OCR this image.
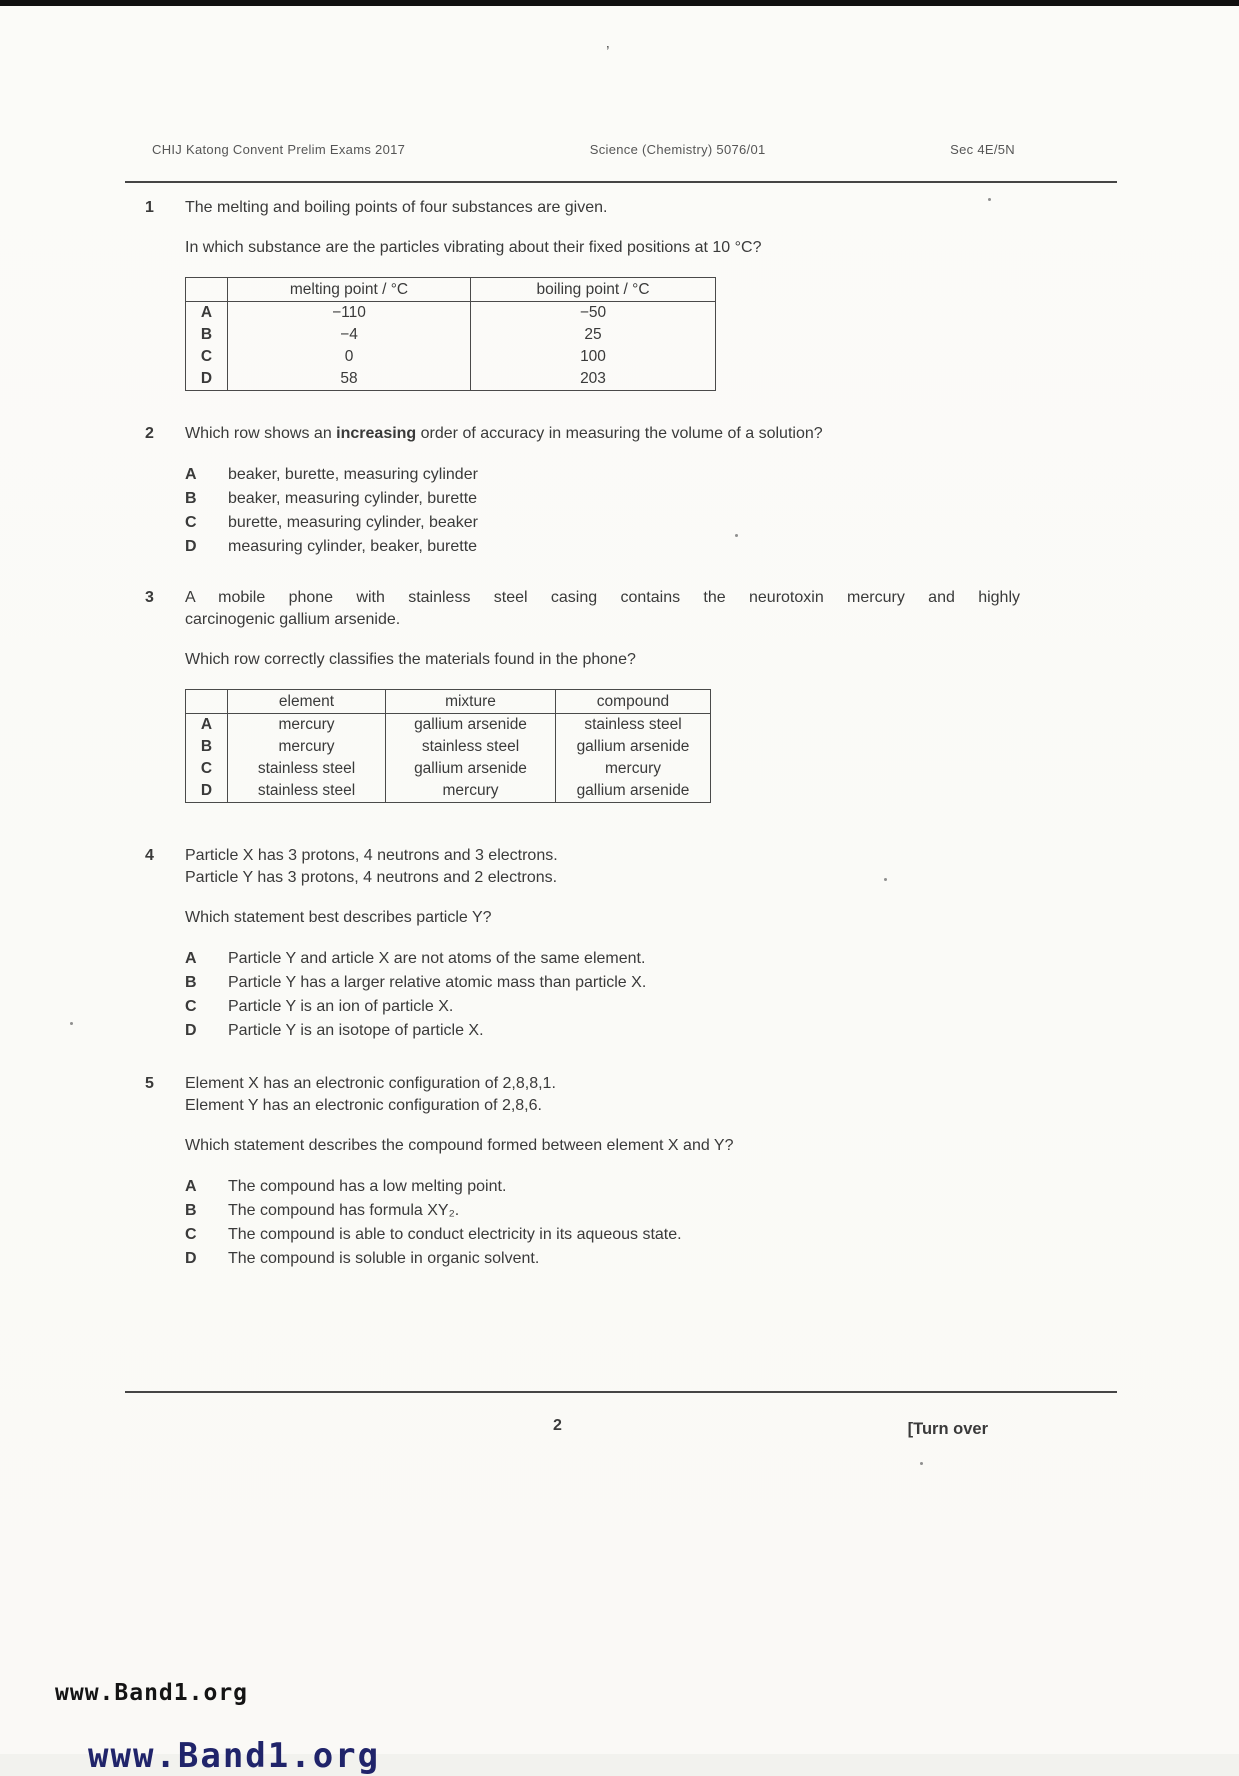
’
CHIJ Katong Convent Prelim Exams 2017	Science (Chemistry) 5076/01	Sec 4E/5N
1	The melting and boiling points of four substances are given.

In which substance are the particles vibrating about their fixed positions at 10 °C?

	melting point / °C	boiling point / °C
A	−110	−50
B	−4	25
C	0	100
D	58	203
2	Which row shows an increasing order of accuracy in measuring the volume of a solution?

A	beaker, burette, measuring cylinder
B	beaker, measuring cylinder, burette
C	burette, measuring cylinder, beaker
D	measuring cylinder, beaker, burette
3	A mobile phone with stainless steel casing contains the neurotoxin mercury and highly

carcinogenic gallium arsenide.

Which row correctly classifies the materials found in the phone?

	element	mixture	compound
A	mercury	gallium arsenide	stainless steel
B	mercury	stainless steel	gallium arsenide
C	stainless steel	gallium arsenide	mercury
D	stainless steel	mercury	gallium arsenide
4	Particle X has 3 protons, 4 neutrons and 3 electrons.

Particle Y has 3 protons, 4 neutrons and 2 electrons.

Which statement best describes particle Y?

A	Particle Y and article X are not atoms of the same element.
B	Particle Y has a larger relative atomic mass than particle X.
C	Particle Y is an ion of particle X.
D	Particle Y is an isotope of particle X.
5	Element X has an electronic configuration of 2,8,8,1.

Element Y has an electronic configuration of 2,8,6.

Which statement describes the compound formed between element X and Y?

A	The compound has a low melting point.
B	The compound has formula XY₂.
C	The compound is able to conduct electricity in its aqueous state.
D	The compound is soluble in organic solvent.
2	[Turn over
www.Band1.org
www.Band1.org
